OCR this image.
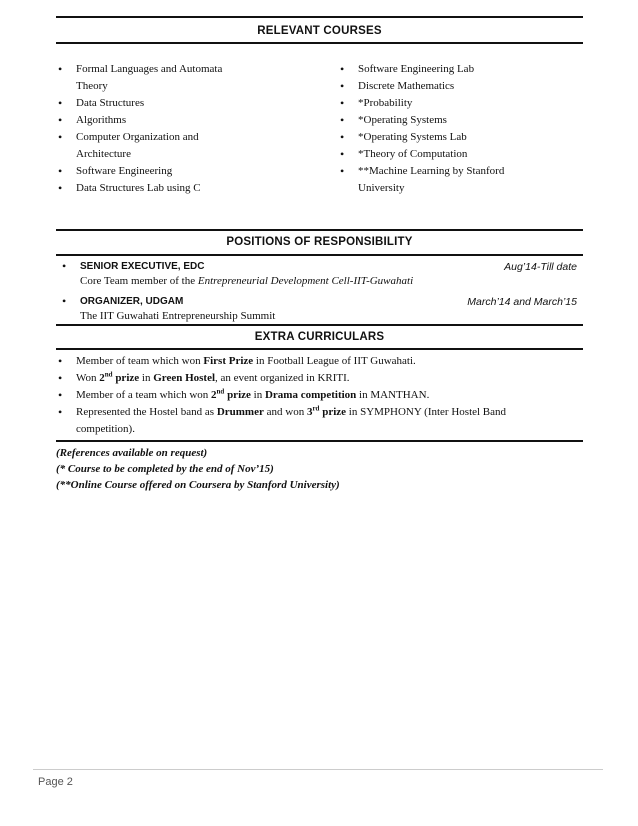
RELEVANT COURSES
• Formal Languages and Automata Theory
• Data Structures
• Algorithms
• Computer Organization and Architecture
• Software Engineering
• Data Structures Lab using C
• Software Engineering Lab
• Discrete Mathematics
• *Probability
• *Operating Systems
• *Operating Systems Lab
• *Theory of Computation
• **Machine Learning by Stanford University
POSITIONS OF RESPONSIBILITY
• SENIOR EXECUTIVE, EDC	Aug’14-Till date
Core Team member of the Entrepreneurial Development Cell-IIT-Guwahati
• ORGANIZER, UDGAM	March’14 and March’15
The IIT Guwahati Entrepreneurship Summit
EXTRA CURRICULARS
• Member of team which won First Prize in Football League of IIT Guwahati.
• Won 2nd prize in Green Hostel, an event organized in KRITI.
• Member of a team which won 2nd prize in Drama competition in MANTHAN.
• Represented the Hostel band as Drummer and won 3rd prize in SYMPHONY (Inter Hostel Band competition).
(References available on request)
(* Course to be completed by the end of Nov’15)
(**Online Course offered on Coursera by Stanford University)
Page 2
